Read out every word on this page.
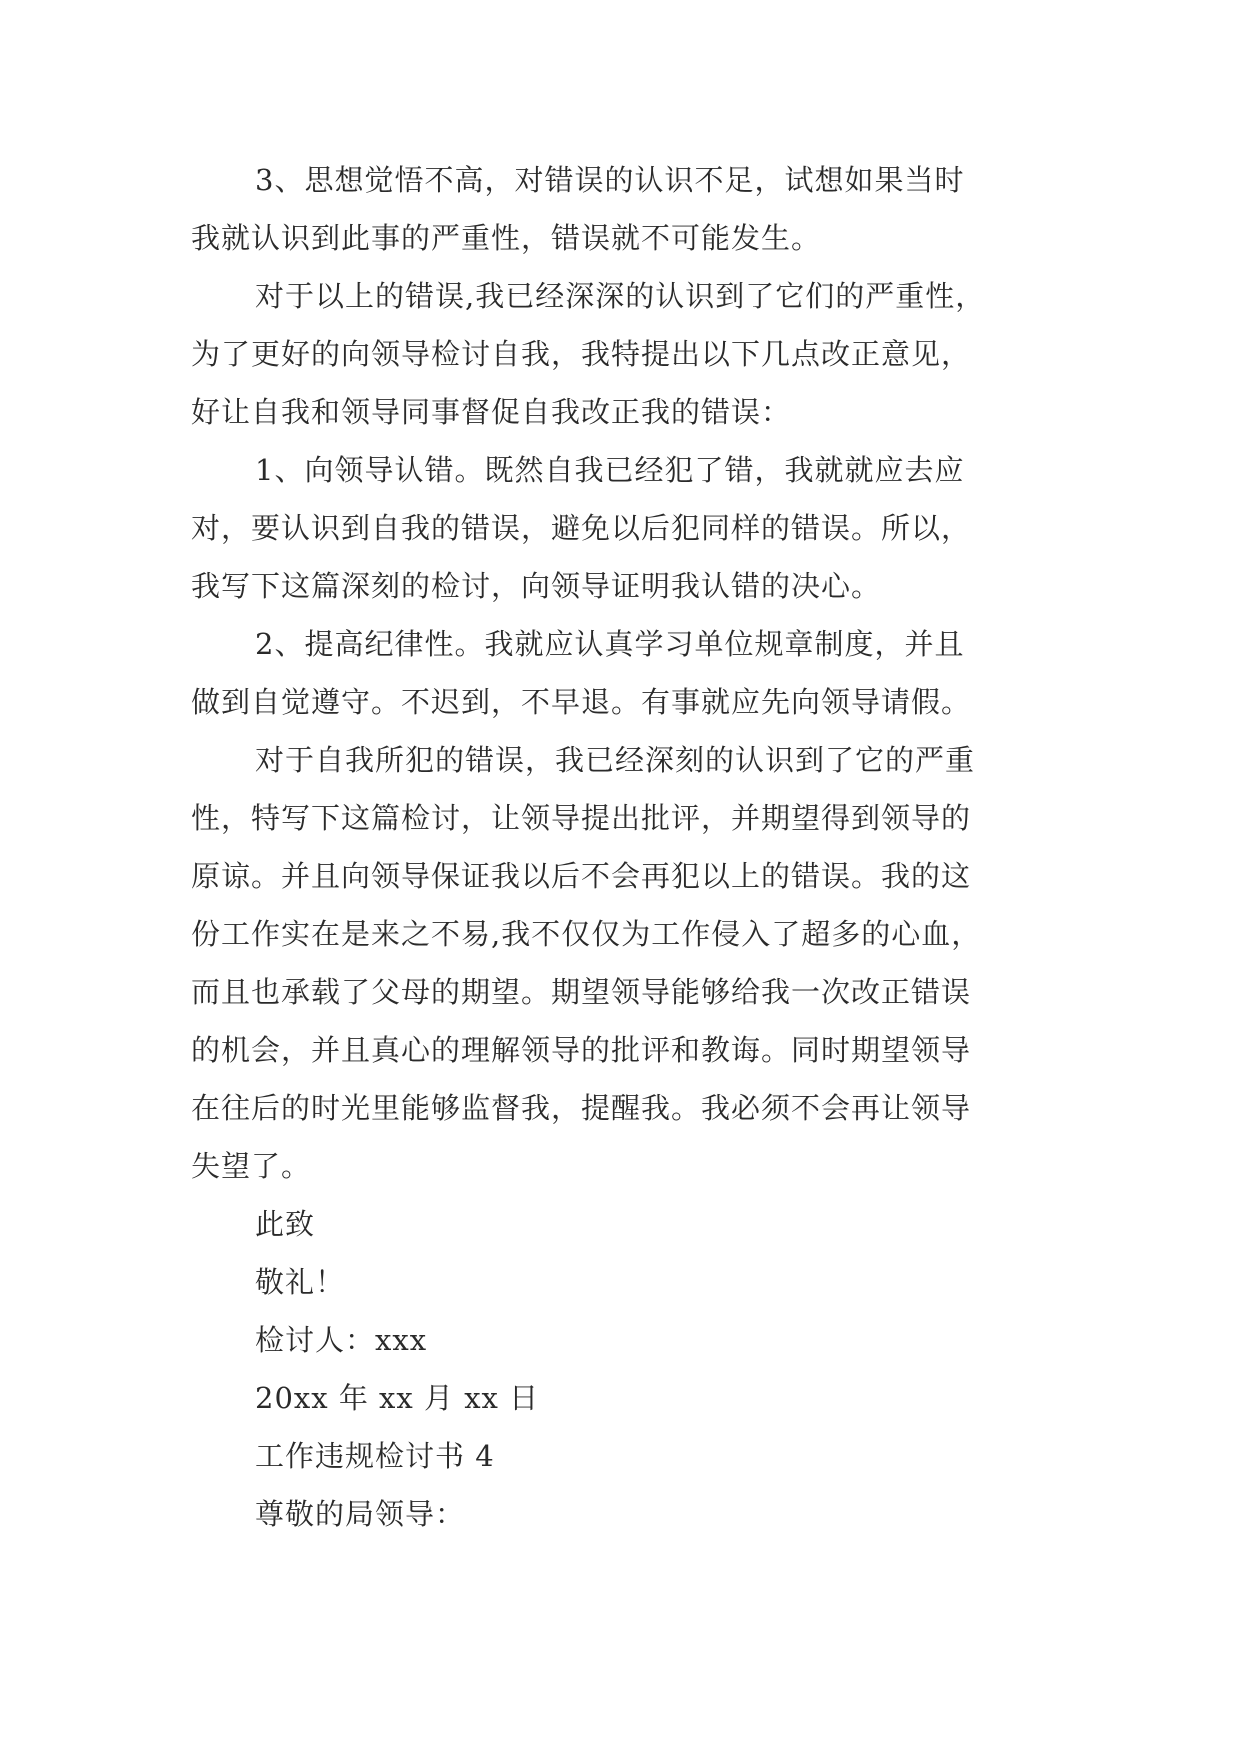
3、思想觉悟不高，对错误的认识不足，试想如果当时
我就认识到此事的严重性，错误就不可能发生。
对于以上的错误,我已经深深的认识到了它们的严重性，
为了更好的向领导检讨自我，我特提出以下几点改正意见，
好让自我和领导同事督促自我改正我的错误：
1、向领导认错。既然自我已经犯了错，我就就应去应
对，要认识到自我的错误，避免以后犯同样的错误。所以，
我写下这篇深刻的检讨，向领导证明我认错的决心。
2、提高纪律性。我就应认真学习单位规章制度，并且
做到自觉遵守。不迟到，不早退。有事就应先向领导请假。
对于自我所犯的错误，我已经深刻的认识到了它的严重
性，特写下这篇检讨，让领导提出批评，并期望得到领导的
原谅。并且向领导保证我以后不会再犯以上的错误。我的这
份工作实在是来之不易,我不仅仅为工作侵入了超多的心血，
而且也承载了父母的期望。期望领导能够给我一次改正错误
的机会，并且真心的理解领导的批评和教诲。同时期望领导
在往后的时光里能够监督我，提醒我。我必须不会再让领导
失望了。
此致
敬礼！
检讨人：xxx
20xx 年 xx 月 xx 日
工作违规检讨书 4
尊敬的局领导：
